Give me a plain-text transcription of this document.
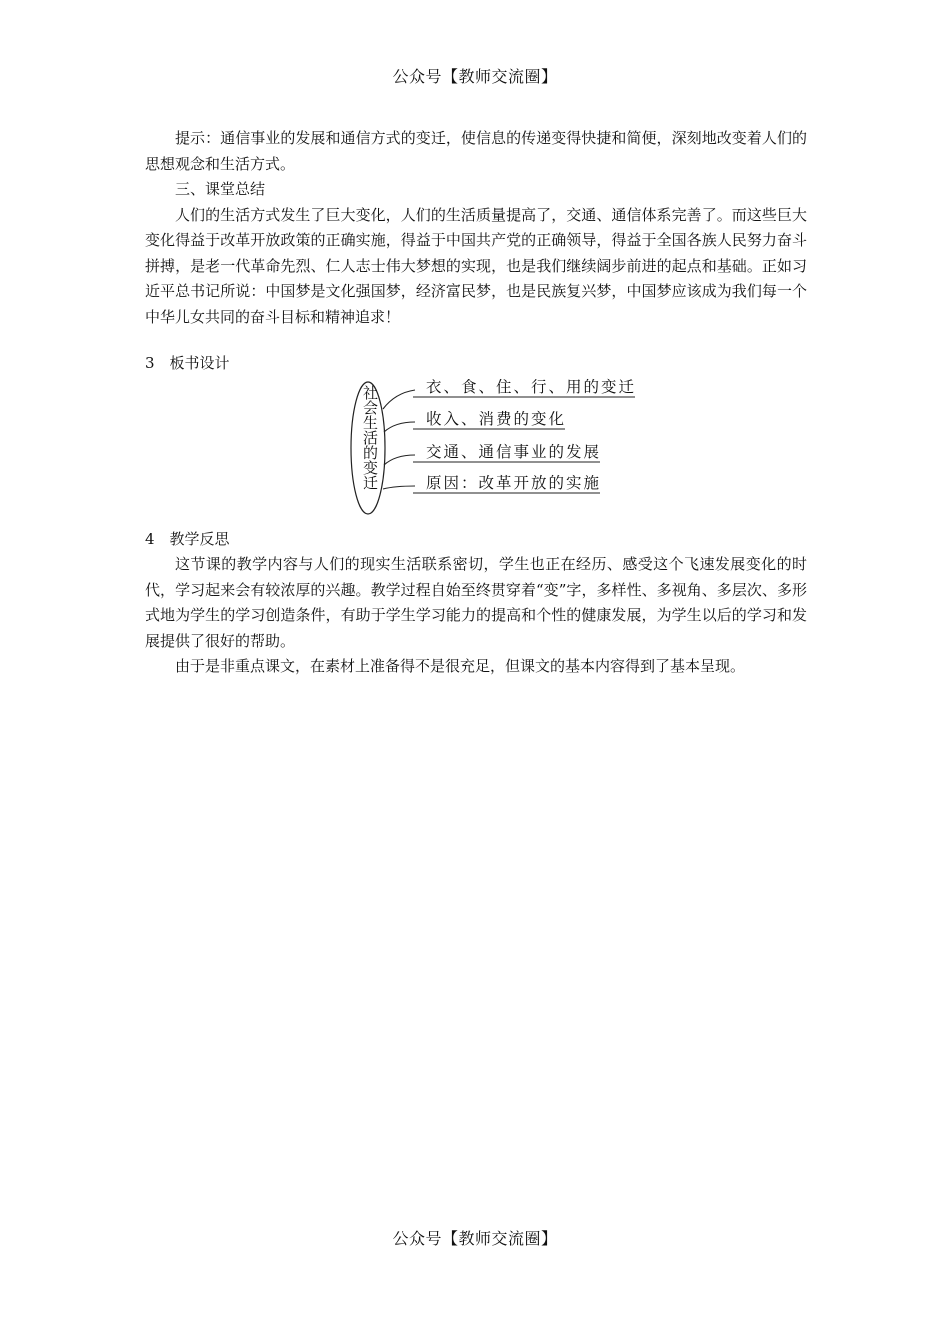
公众号【教师交流圈】

提示：通信事业的发展和通信方式的变迁，使信息的传递变得快捷和简便，深刻地改变着人们的思想观念和生活方式。

三、课堂总结

人们的生活方式发生了巨大变化，人们的生活质量提高了，交通、通信体系完善了。而这些巨大变化得益于改革开放政策的正确实施，得益于中国共产党的正确领导，得益于全国各族人民努力奋斗拼搏，是老一代革命先烈、仁人志士伟大梦想的实现，也是我们继续阔步前进的起点和基础。正如习近平总书记所说：中国梦是文化强国梦，经济富民梦，也是民族复兴梦，中国梦应该成为我们每一个中华儿女共同的奋斗目标和精神追求！

3　板书设计

社会生活的变迁	衣、食、住、行、用的变迁
收入、消费的变化
交通、通信事业的发展
原因：改革开放的实施

4　教学反思

这节课的教学内容与人们的现实生活联系密切，学生也正在经历、感受这个飞速发展变化的时代，学习起来会有较浓厚的兴趣。教学过程自始至终贯穿着“变”字，多样性、多视角、多层次、多形式地为学生的学习创造条件，有助于学生学习能力的提高和个性的健康发展，为学生以后的学习和发展提供了很好的帮助。

由于是非重点课文，在素材上准备得不是很充足，但课文的基本内容得到了基本呈现。

公众号【教师交流圈】
